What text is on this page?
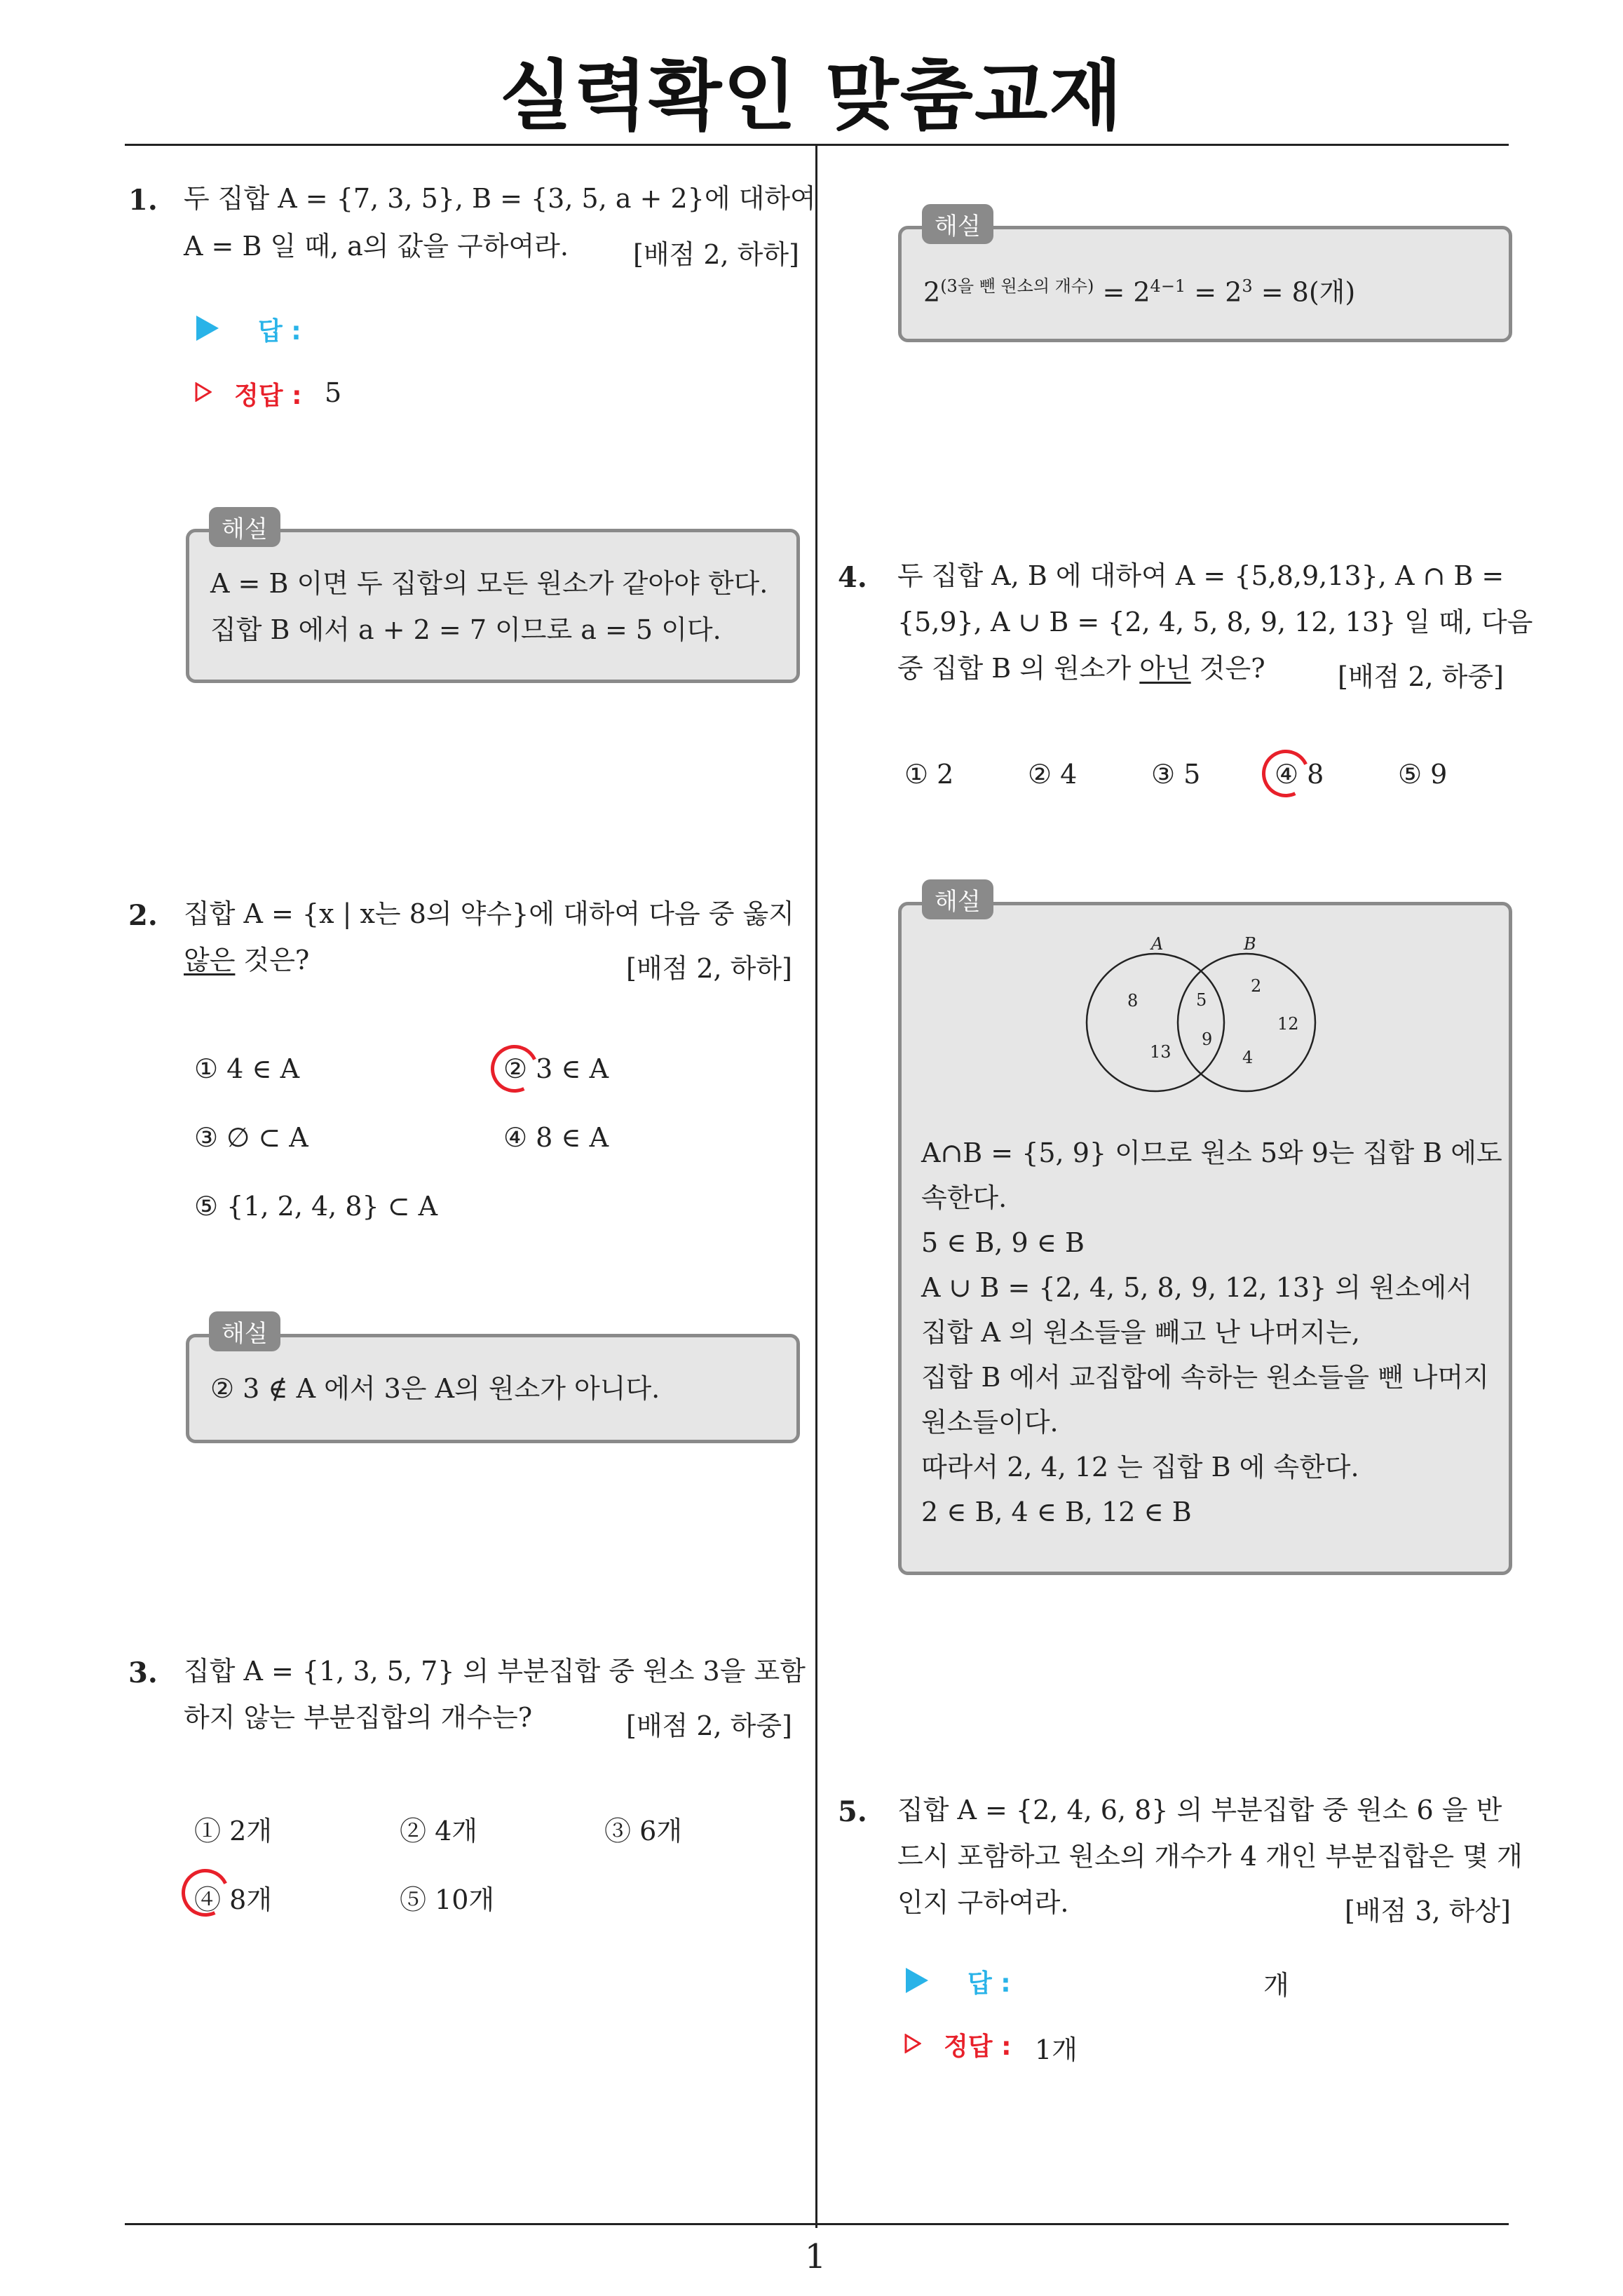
실력확인 맞춤교재
1
1. 두 집합 A = {7, 3, 5}, B = {3, 5, a + 2}에 대하여
A = B 일 때, a의 값을 구하여라. [배점 2, 하하]
답 :
정답 : 5
해설
A = B 이면 두 집합의 모든 원소가 같아야 한다.
집합 B 에서 a + 2 = 7 이므로 a = 5 이다.
2. 집합 A = {x | x는 8의 약수}에 대하여 다음 중 옳지
않은 것은?	[배점 2, 하하]
① 4 ∈ A	② 3 ∈ A
③ ∅ ⊂ A	④ 8 ∈ A
⑤ {1, 2, 4, 8} ⊂ A
해설
② 3 ∉ A 에서 3은 A의 원소가 아니다.
3. 집합 A = {1, 3, 5, 7} 의 부분집합 중 원소 3을 포함
하지 않는 부분집합의 개수는?	[배점 2, 하중]
① 2개	② 4개	③ 6개
④ 8개	⑤ 10개
해설
$2^{(3을 뺀 원소의 개수)} = 2^{4-1} = 2^3 = 8$(개)
4. 두 집합 A, B 에 대하여 A = {5,8,9,13}, A ∩ B =
{5,9}, A ∪ B = {2, 4, 5, 8, 9, 12, 13} 일 때, 다음
중 집합 B 의 원소가 아닌 것은?	[배점 2, 하중]
① 2	② 4	③ 5	④ 8	⑤ 9
해설
A	B
8
13
5
9
2
12
4
A∩B = {5, 9} 이므로 원소 5와 9는 집합 B 에도
속한다.
5 ∈ B, 9 ∈ B
A ∪ B = {2, 4, 5, 8, 9, 12, 13} 의 원소에서
집합 A 의 원소들을 빼고 난 나머지는,
집합 B 에서 교집합에 속하는 원소들을 뺀 나머지
원소들이다.
따라서 2, 4, 12 는 집합 B 에 속한다.
2 ∈ B, 4 ∈ B, 12 ∈ B
5. 집합 A = {2, 4, 6, 8} 의 부분집합 중 원소 6 을 반
드시 포함하고 원소의 개수가 4 개인 부분집합은 몇 개
인지 구하여라.	[배점 3, 하상]
답 :	개
정답 : 1개
